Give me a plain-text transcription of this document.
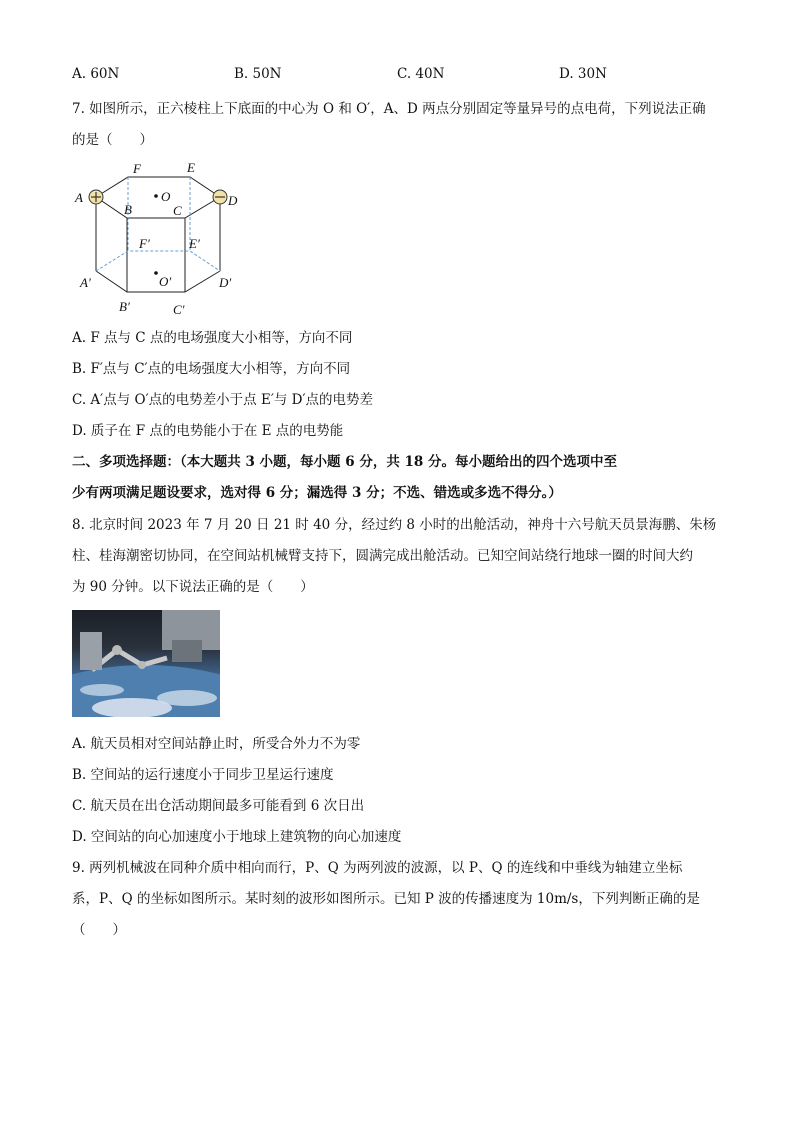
A. 60N	B. 50N	C. 40N	D. 30N
7. 如图所示，正六棱柱上下底面的中心为 O 和 O′，A、D 两点分别固定等量异号的点电荷，下列说法正确
的是（　　）
A
B	C
D
E
F
O
A′
B′	C′
D′
E′
F′
O′
A. F 点与 C 点的电场强度大小相等，方向不同
B. F′点与 C′点的电场强度大小相等，方向不同
C. A′点与 O′点的电势差小于点 E′与 D′点的电势差
D. 质子在 F 点的电势能小于在 E 点的电势能
二、多项选择题：（本大题共 3 小题，每小题 6 分，共 18 分。每小题给出的四个选项中至
少有两项满足题设要求，选对得 6 分；漏选得 3 分；不选、错选或多选不得分。）
8. 北京时间 2023 年 7 月 20 日 21 时 40 分，经过约 8 小时的出舱活动，神舟十六号航天员景海鹏、朱杨
柱、桂海潮密切协同，在空间站机械臂支持下，圆满完成出舱活动。已知空间站绕行地球一圈的时间大约
为 90 分钟。以下说法正确的是（　　）
A. 航天员相对空间站静止时，所受合外力不为零
B. 空间站的运行速度小于同步卫星运行速度
C. 航天员在出仓活动期间最多可能看到 6 次日出
D. 空间站的向心加速度小于地球上建筑物的向心加速度
9. 两列机械波在同种介质中相向而行，P、Q 为两列波的波源，以 P、Q 的连线和中垂线为轴建立坐标
系，P、Q 的坐标如图所示。某时刻的波形如图所示。已知 P 波的传播速度为 10m/s，下列判断正确的是
（　　）
